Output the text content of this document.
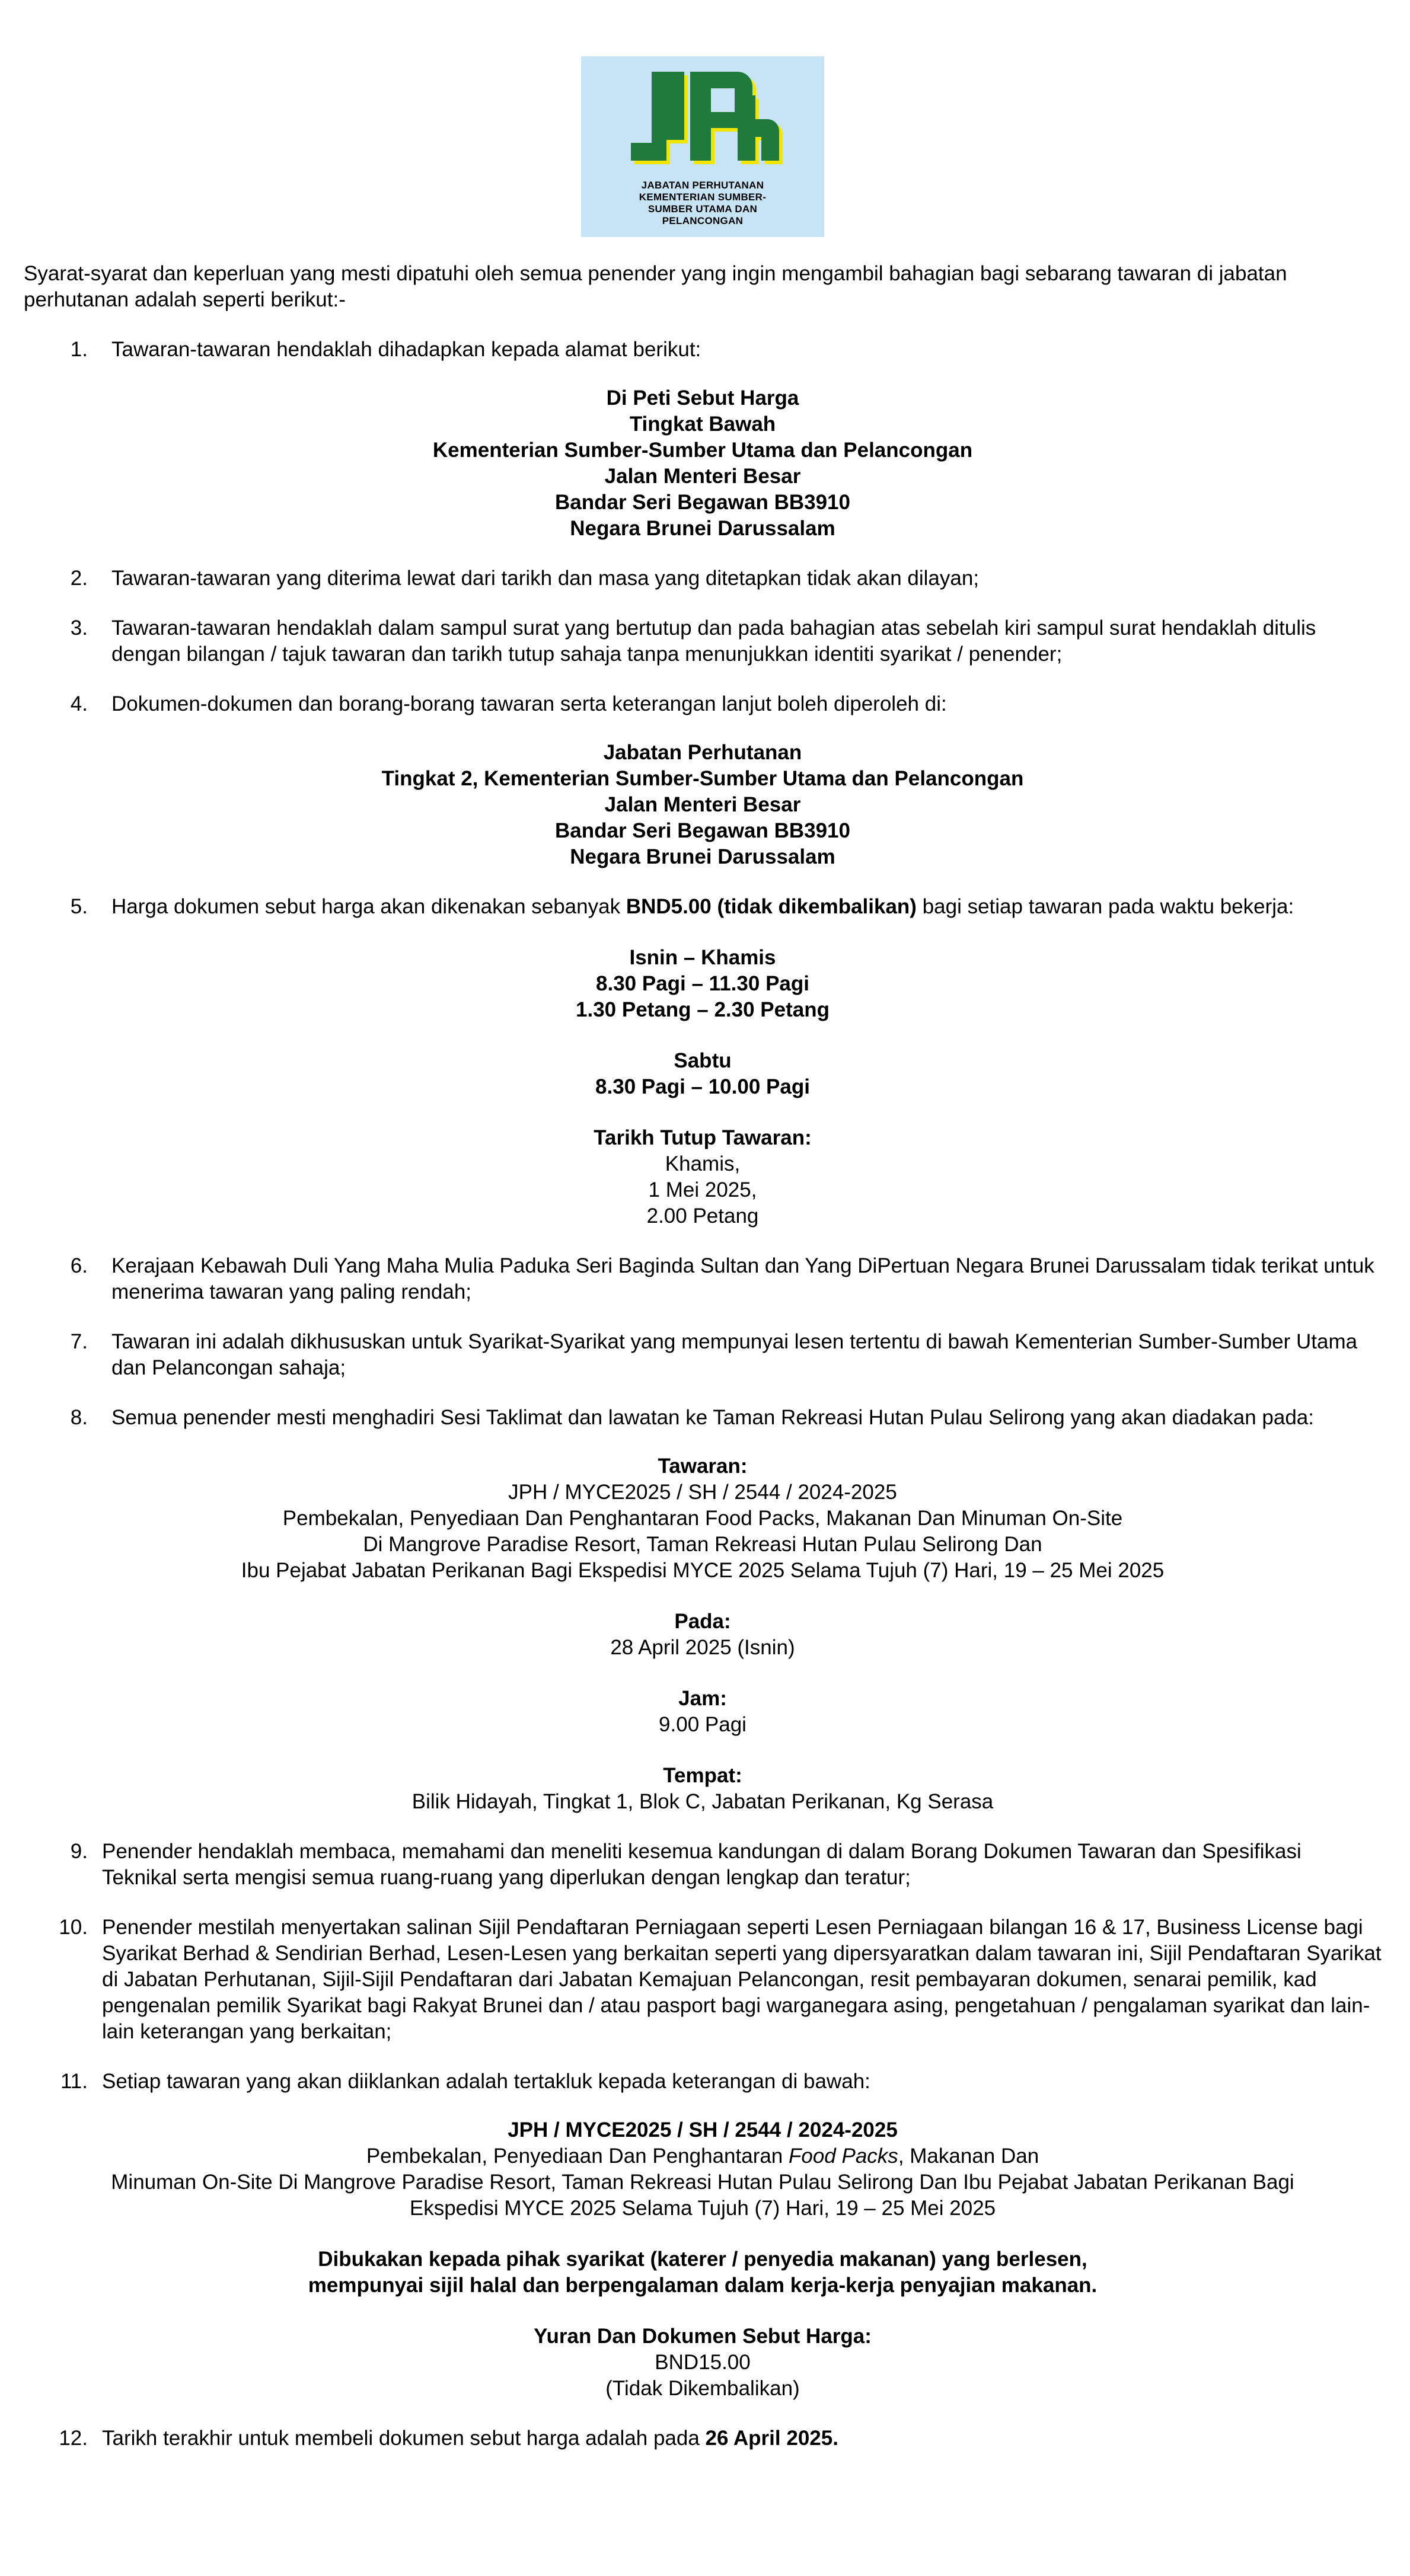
JABATAN PERHUTANAN
KEMENTERIAN SUMBER-
SUMBER UTAMA DAN
PELANCONGAN
Syarat-syarat dan keperluan yang mesti dipatuhi oleh semua penender yang ingin mengambil bahagian bagi sebarang tawaran di jabatan perhutanan adalah seperti berikut:-
1.	Tawaran-tawaran hendaklah dihadapkan kepada alamat berikut:
Di Peti Sebut Harga
Tingkat Bawah
Kementerian Sumber-Sumber Utama dan Pelancongan
Jalan Menteri Besar
Bandar Seri Begawan BB3910
Negara Brunei Darussalam
2.	Tawaran-tawaran yang diterima lewat dari tarikh dan masa yang ditetapkan tidak akan dilayan;
3.	Tawaran-tawaran hendaklah dalam sampul surat yang bertutup dan pada bahagian atas sebelah kiri sampul surat hendaklah ditulis dengan bilangan / tajuk tawaran dan tarikh tutup sahaja tanpa menunjukkan identiti syarikat / penender;
4.	Dokumen-dokumen dan borang-borang tawaran serta keterangan lanjut boleh diperoleh di:
Jabatan Perhutanan
Tingkat 2, Kementerian Sumber-Sumber Utama dan Pelancongan
Jalan Menteri Besar
Bandar Seri Begawan BB3910
Negara Brunei Darussalam
5.	Harga dokumen sebut harga akan dikenakan sebanyak BND5.00 (tidak dikembalikan) bagi setiap tawaran pada waktu bekerja:
Isnin – Khamis
8.30 Pagi – 11.30 Pagi
1.30 Petang – 2.30 Petang
Sabtu
8.30 Pagi – 10.00 Pagi
Tarikh Tutup Tawaran:
Khamis,
1 Mei 2025,
2.00 Petang
6.	Kerajaan Kebawah Duli Yang Maha Mulia Paduka Seri Baginda Sultan dan Yang DiPertuan Negara Brunei Darussalam tidak terikat untuk menerima tawaran yang paling rendah;
7.	Tawaran ini adalah dikhususkan untuk Syarikat-Syarikat yang mempunyai lesen tertentu di bawah Kementerian Sumber-Sumber Utama dan Pelancongan sahaja;
8.	Semua penender mesti menghadiri Sesi Taklimat dan lawatan ke Taman Rekreasi Hutan Pulau Selirong yang akan diadakan pada:
Tawaran:
JPH / MYCE2025 / SH / 2544 / 2024-2025
Pembekalan, Penyediaan Dan Penghantaran Food Packs, Makanan Dan Minuman On-Site
Di Mangrove Paradise Resort, Taman Rekreasi Hutan Pulau Selirong Dan
Ibu Pejabat Jabatan Perikanan Bagi Ekspedisi MYCE 2025 Selama Tujuh (7) Hari, 19 – 25 Mei 2025
Pada:
28 April 2025 (Isnin)
Jam:
9.00 Pagi
Tempat:
Bilik Hidayah, Tingkat 1, Blok C, Jabatan Perikanan, Kg Serasa
9. Penender hendaklah membaca, memahami dan meneliti kesemua kandungan di dalam Borang Dokumen Tawaran dan Spesifikasi Teknikal serta mengisi semua ruang-ruang yang diperlukan dengan lengkap dan teratur;
10. Penender mestilah menyertakan salinan Sijil Pendaftaran Perniagaan seperti Lesen Perniagaan bilangan 16 & 17, Business License bagi Syarikat Berhad & Sendirian Berhad, Lesen-Lesen yang berkaitan seperti yang dipersyaratkan dalam tawaran ini, Sijil Pendaftaran Syarikat di Jabatan Perhutanan, Sijil-Sijil Pendaftaran dari Jabatan Kemajuan Pelancongan, resit pembayaran dokumen, senarai pemilik, kad pengenalan pemilik Syarikat bagi Rakyat Brunei dan / atau pasport bagi warganegara asing, pengetahuan / pengalaman syarikat dan lain-lain keterangan yang berkaitan;
11. Setiap tawaran yang akan diiklankan adalah tertakluk kepada keterangan di bawah:
JPH / MYCE2025 / SH / 2544 / 2024-2025
Pembekalan, Penyediaan Dan Penghantaran Food Packs, Makanan Dan
Minuman On-Site Di Mangrove Paradise Resort, Taman Rekreasi Hutan Pulau Selirong Dan Ibu Pejabat Jabatan Perikanan Bagi
Ekspedisi MYCE 2025 Selama Tujuh (7) Hari, 19 – 25 Mei 2025
Dibukakan kepada pihak syarikat (katerer / penyedia makanan) yang berlesen,
mempunyai sijil halal dan berpengalaman dalam kerja-kerja penyajian makanan.
Yuran Dan Dokumen Sebut Harga:
BND15.00
(Tidak Dikembalikan)
12. Tarikh terakhir untuk membeli dokumen sebut harga adalah pada 26 April 2025.
